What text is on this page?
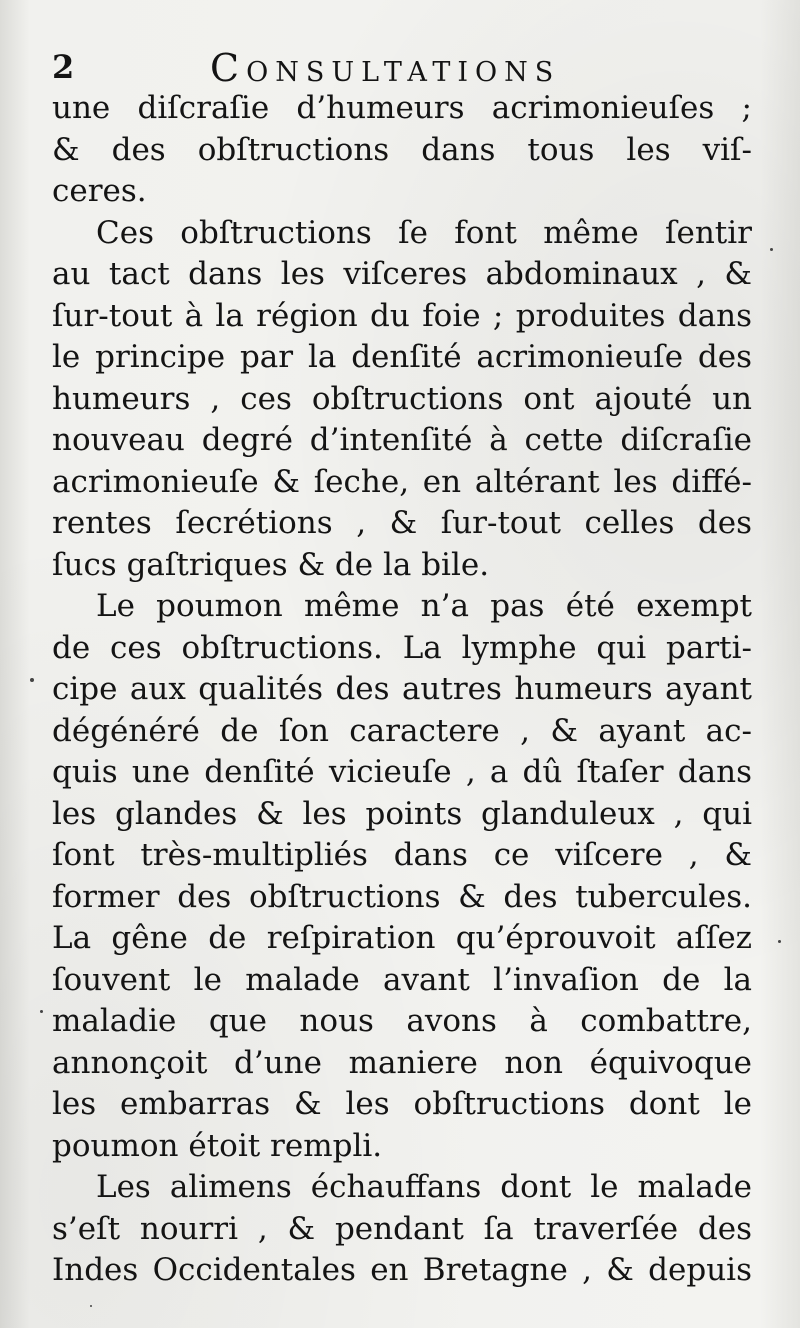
2	Consultations
une diſcraſie d’humeurs acrimonieuſes ;
& des obſtructions dans tous les viſ-
ceres.
Ces obſtructions ſe font même ſentir
au tact dans les viſceres abdominaux , &
ſur-tout à la région du foie ; produites dans
le principe par la denſité acrimonieuſe des
humeurs , ces obſtructions ont ajouté un
nouveau degré d’intenſité à cette diſcraſie
acrimonieuſe & ſeche, en altérant les diffé-
rentes ſecrétions , & ſur-tout celles des
ſucs gaſtriques & de la bile.
Le poumon même n’a pas été exempt
de ces obſtructions. La lymphe qui parti-
cipe aux qualités des autres humeurs ayant
dégénéré de ſon caractere , & ayant ac-
quis une denſité vicieuſe , a dû ſtaſer dans
les glandes & les points glanduleux , qui
ſont très-multipliés dans ce viſcere , &
former des obſtructions & des tubercules.
La gêne de reſpiration qu’éprouvoit aſſez
ſouvent le malade avant l’invaſion de la
maladie que nous avons à combattre,
annonçoit d’une maniere non équivoque
les embarras & les obſtructions dont le
poumon étoit rempli.
Les alimens échauffans dont le malade
s’eſt nourri , & pendant ſa traverſée des
Indes Occidentales en Bretagne , & depuis
